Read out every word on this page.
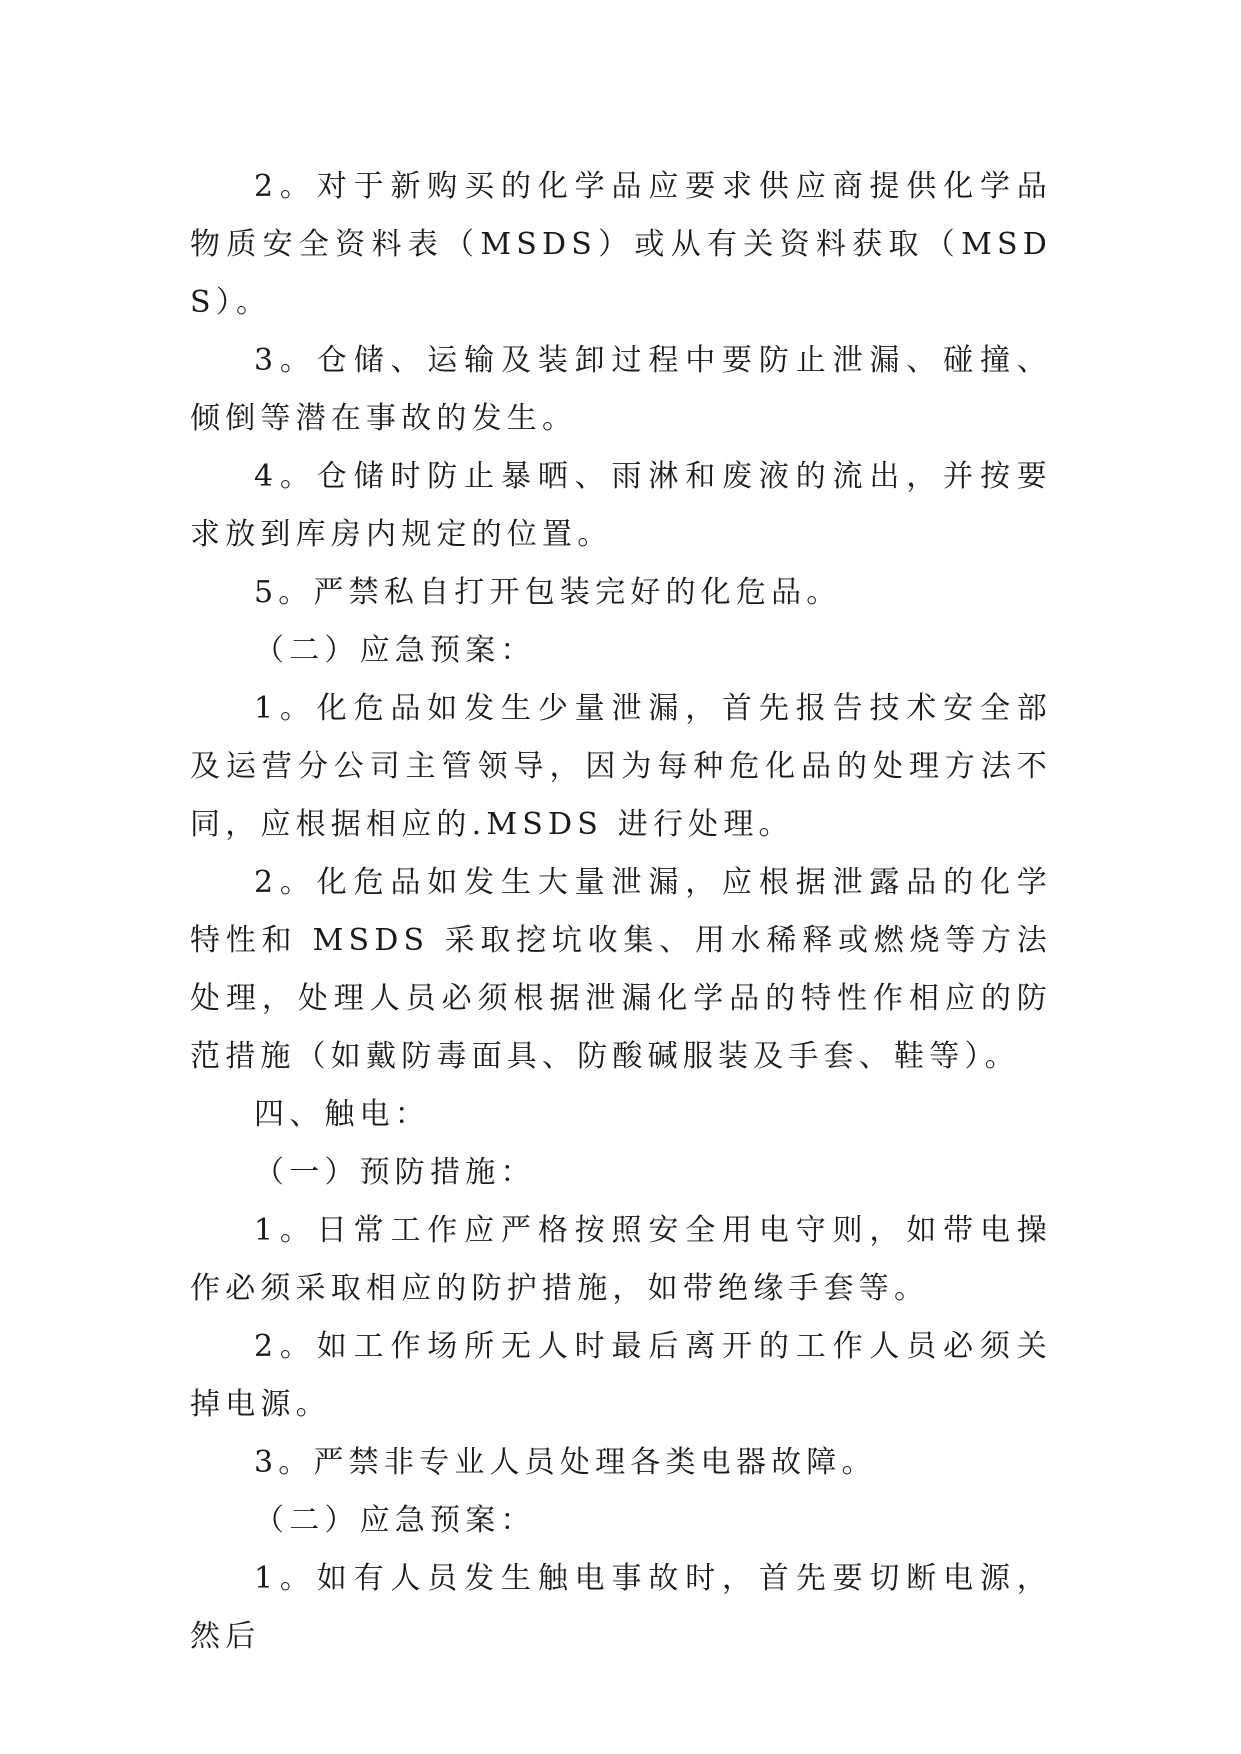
2。对于新购买的化学品应要求供应商提供化学品物质安全资料表（MSDS）或从有关资料获取（MSDS）。

3。仓储、运输及装卸过程中要防止泄漏、碰撞、倾倒等潜在事故的发生。

4。仓储时防止暴晒、雨淋和废液的流出，并按要求放到库房内规定的位置。

5。严禁私自打开包装完好的化危品。

（二）应急预案：

1。化危品如发生少量泄漏，首先报告技术安全部及运营分公司主管领导，因为每种危化品的处理方法不同，应根据相应的.MSDS 进行处理。

2。化危品如发生大量泄漏，应根据泄露品的化学特性和 MSDS 采取挖坑收集、用水稀释或燃烧等方法处理，处理人员必须根据泄漏化学品的特性作相应的防范措施（如戴防毒面具、防酸碱服装及手套、鞋等）。

四、触电：

（一）预防措施：

1。日常工作应严格按照安全用电守则，如带电操作必须采取相应的防护措施，如带绝缘手套等。

2。如工作场所无人时最后离开的工作人员必须关掉电源。

3。严禁非专业人员处理各类电器故障。

（二）应急预案：

1。如有人员发生触电事故时，首先要切断电源，然后
